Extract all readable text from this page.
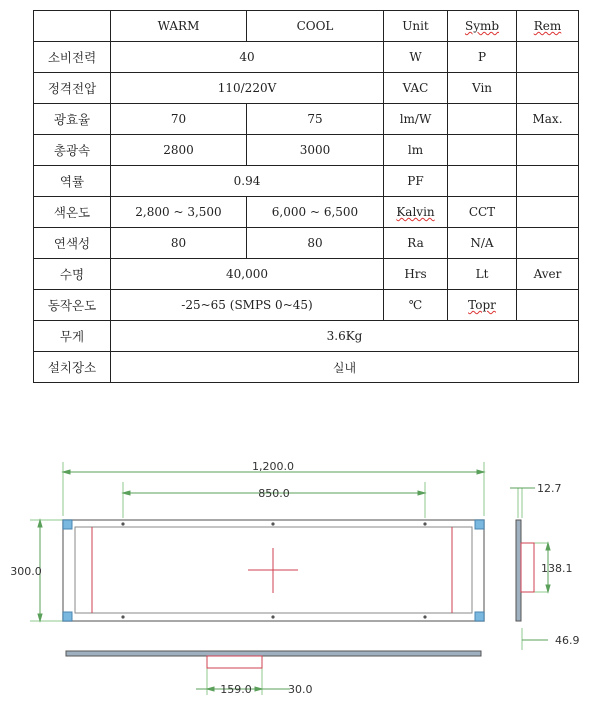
	WARM	COOL	Unit	Symb	Rem
소비전력	40		W	P	
정격전압	110/220V		VAC	Vin	
광효율	70	75	lm/W		Max.
총광속	2800	3000	lm		
역률	0.94		PF		
색온도	2,800 ~ 3,500	6,000 ~ 6,500	Kalvin	CCT	
연색성	80	80	Ra	N/A	
수명	40,000		Hrs	Lt	Aver
동작온도	-25~65 (SMPS 0~45)		℃	Topr	
무게	3.6Kg				
설치장소	실내				
1,200.0
850.0
300.0
12.7
138.1
46.9
159.0	30.0
